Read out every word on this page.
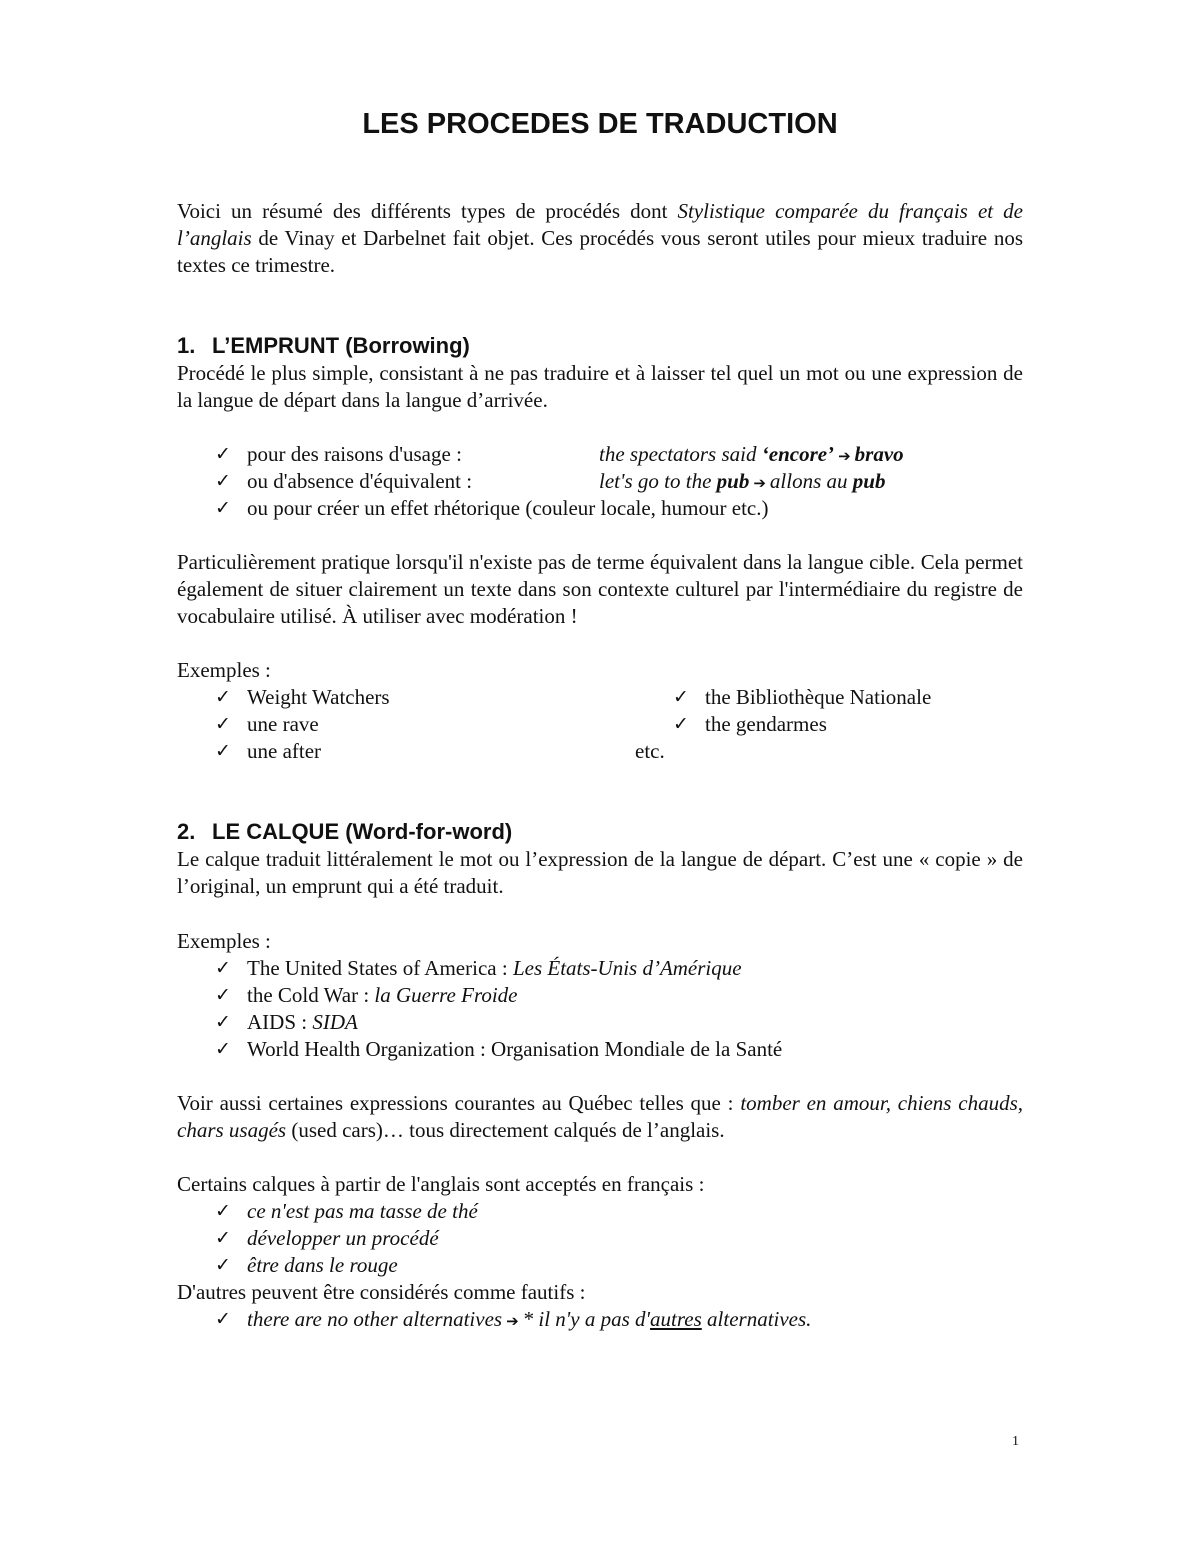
LES PROCEDES DE TRADUCTION

Voici un résumé des différents types de procédés dont Stylistique comparée du français et de l’anglais de Vinay et Darbelnet fait objet. Ces procédés vous seront utiles pour mieux traduire nos textes ce trimestre.

1. L’EMPRUNT (Borrowing)

Procédé le plus simple, consistant à ne pas traduire et à laisser tel quel un mot ou une expression de la langue de départ dans la langue d’arrivée.

✓ pour des raisons d'usage :	the spectators said ‘encore’ ➔ bravo
✓ ou d'absence d'équivalent :	let's go to the pub ➔ allons au pub
✓ ou pour créer un effet rhétorique (couleur locale, humour etc.)

Particulièrement pratique lorsqu'il n'existe pas de terme équivalent dans la langue cible. Cela permet également de situer clairement un texte dans son contexte culturel par l'intermédiaire du registre de vocabulaire utilisé. À utiliser avec modération !

Exemples :

✓ Weight Watchers
✓ une rave
✓ une after
✓ the Bibliothèque Nationale
✓ the gendarmes
etc.
2. LE CALQUE (Word-for-word)

Le calque traduit littéralement le mot ou l’expression de la langue de départ. C’est une « copie » de l’original, un emprunt qui a été traduit.

Exemples :

✓ The United States of America : Les États-Unis d’Amérique
✓ the Cold War : la Guerre Froide
✓ AIDS : SIDA
✓ World Health Organization : Organisation Mondiale de la Santé

Voir aussi certaines expressions courantes au Québec telles que : tomber en amour, chiens chauds, chars usagés (used cars)… tous directement calqués de l’anglais.

Certains calques à partir de l'anglais sont acceptés en français :

✓ ce n'est pas ma tasse de thé
✓ développer un procédé
✓ être dans le rouge

D'autres peuvent être considérés comme fautifs :

✓ there are no other alternatives ➔ * il n'y a pas d'autres alternatives.
1
